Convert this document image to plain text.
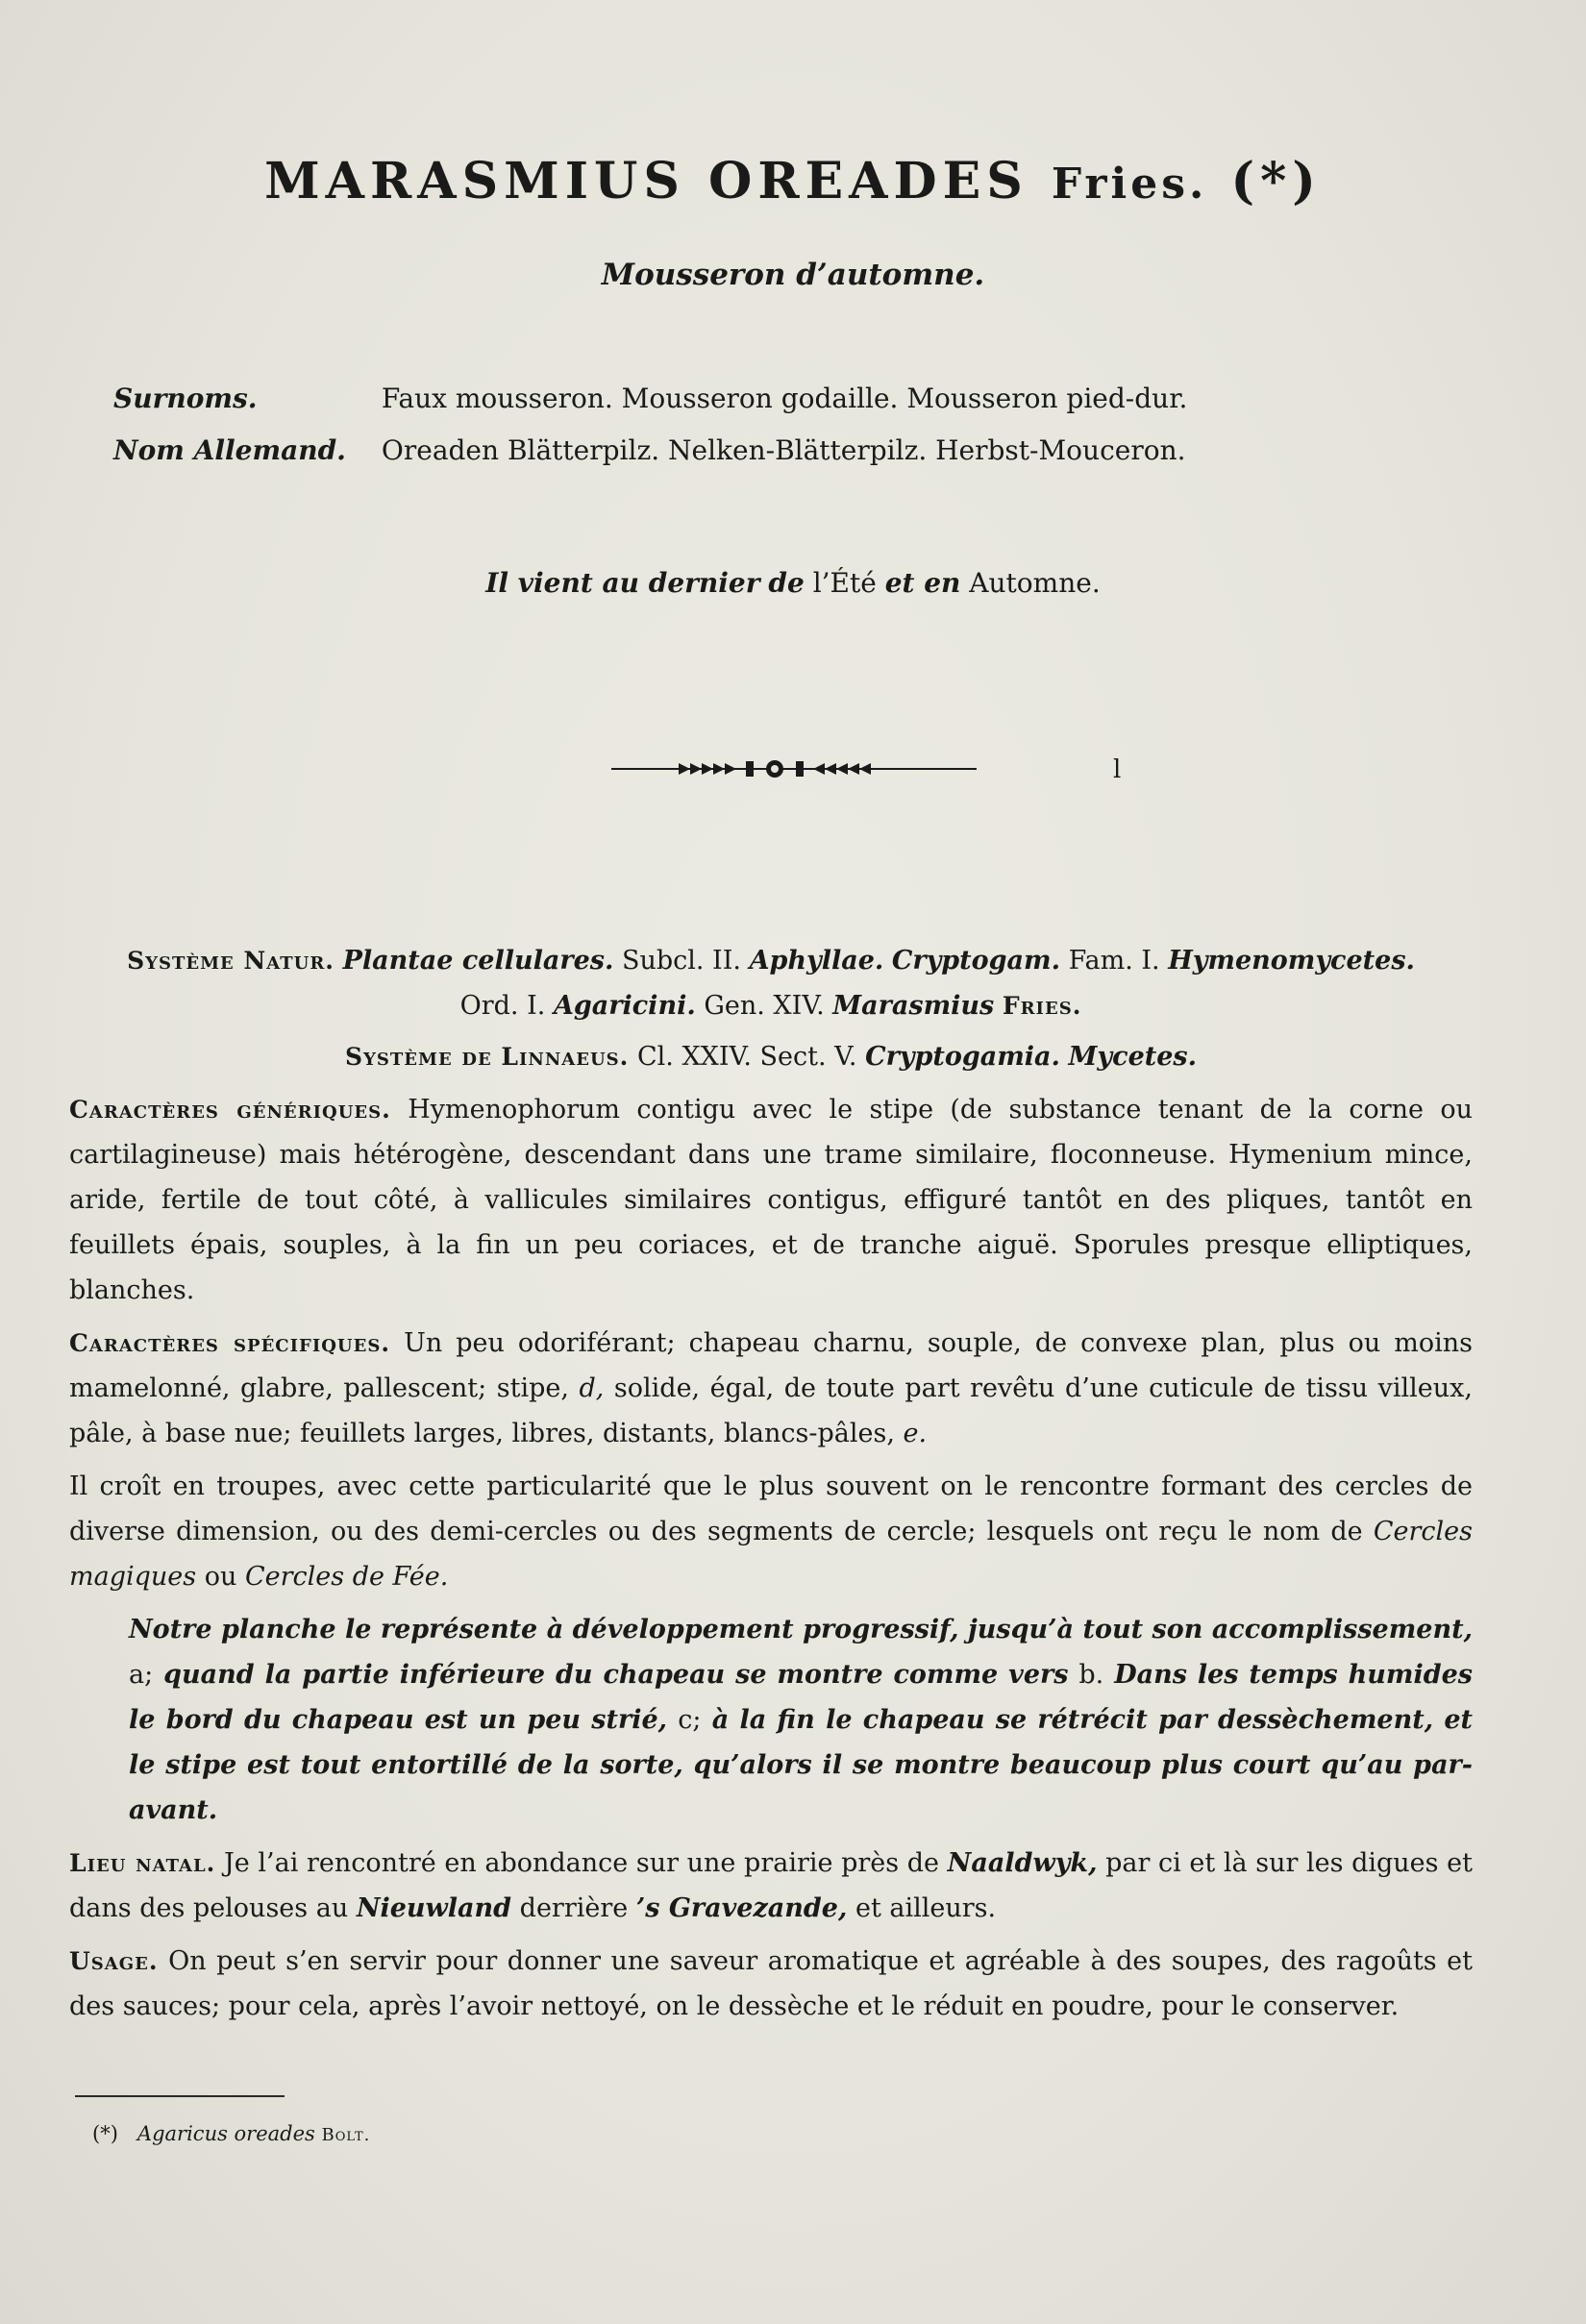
MARASMIUS OREADES Fries. (*)
Mousseron d’automne.
Surnoms.	Faux mousseron. Mousseron godaille. Mousseron pied-dur.
Nom Allemand. Oreaden Blätterpilz. Nelken-Blätterpilz. Herbst-Mouceron.
Il vient au dernier de l’Été et en Automne.
l
Système Natur. Plantae cellulares. Subcl. II. Aphyllae. Cryptogam. Fam. I. Hymenomycetes.
Ord. I. Agaricini. Gen. XIV. Marasmius Fries.
Système de Linnaeus. Cl. XXIV. Sect. V. Cryptogamia. Mycetes.
Caractères génériques. Hymenophorum contigu avec le stipe (de substance tenant de la corne ou cartilagineuse) mais hétérogène, descendant dans une trame similaire, floconneuse. Hymenium mince, aride, fertile de tout côté, à vallicules similaires contigus, effiguré tantôt en des pliques, tantôt en feuillets épais, souples, à la fin un peu coriaces, et de tranche aiguë. Sporules presque elliptiques, blanches.
Caractères spécifiques. Un peu odoriférant; chapeau charnu, souple, de convexe plan, plus ou moins mamelonné, glabre, pallescent; stipe, d, solide, égal, de toute part revêtu d’une cuticule de tissu villeux, pâle, à base nue; feuillets larges, libres, distants, blancs-pâles, e.
Il croît en troupes, avec cette particularité que le plus souvent on le rencontre formant des cercles de diverse dimension, ou des demi-cercles ou des segments de cercle; lesquels ont reçu le nom de Cercles magiques ou Cercles de Fée.
Notre planche le représente à développement progressif, jusqu’à tout son accomplissement, a; quand la partie inférieure du chapeau se montre comme vers b. Dans les temps humides le bord du chapeau est un peu strié, c; à la fin le chapeau se rétrécit par dessèchement, et le stipe est tout entortillé de la sorte, qu’alors il se montre beaucoup plus court qu’au par-avant.
Lieu natal. Je l’ai rencontré en abondance sur une prairie près de Naaldwyk, par ci et là sur les digues et dans des pelouses au Nieuwland derrière ’s Gravezande, et ailleurs.
Usage. On peut s’en servir pour donner une saveur aromatique et agréable à des soupes, des ragoûts et des sauces; pour cela, après l’avoir nettoyé, on le dessèche et le réduit en poudre, pour le conserver.
(*) Agaricus oreades Bolt.
